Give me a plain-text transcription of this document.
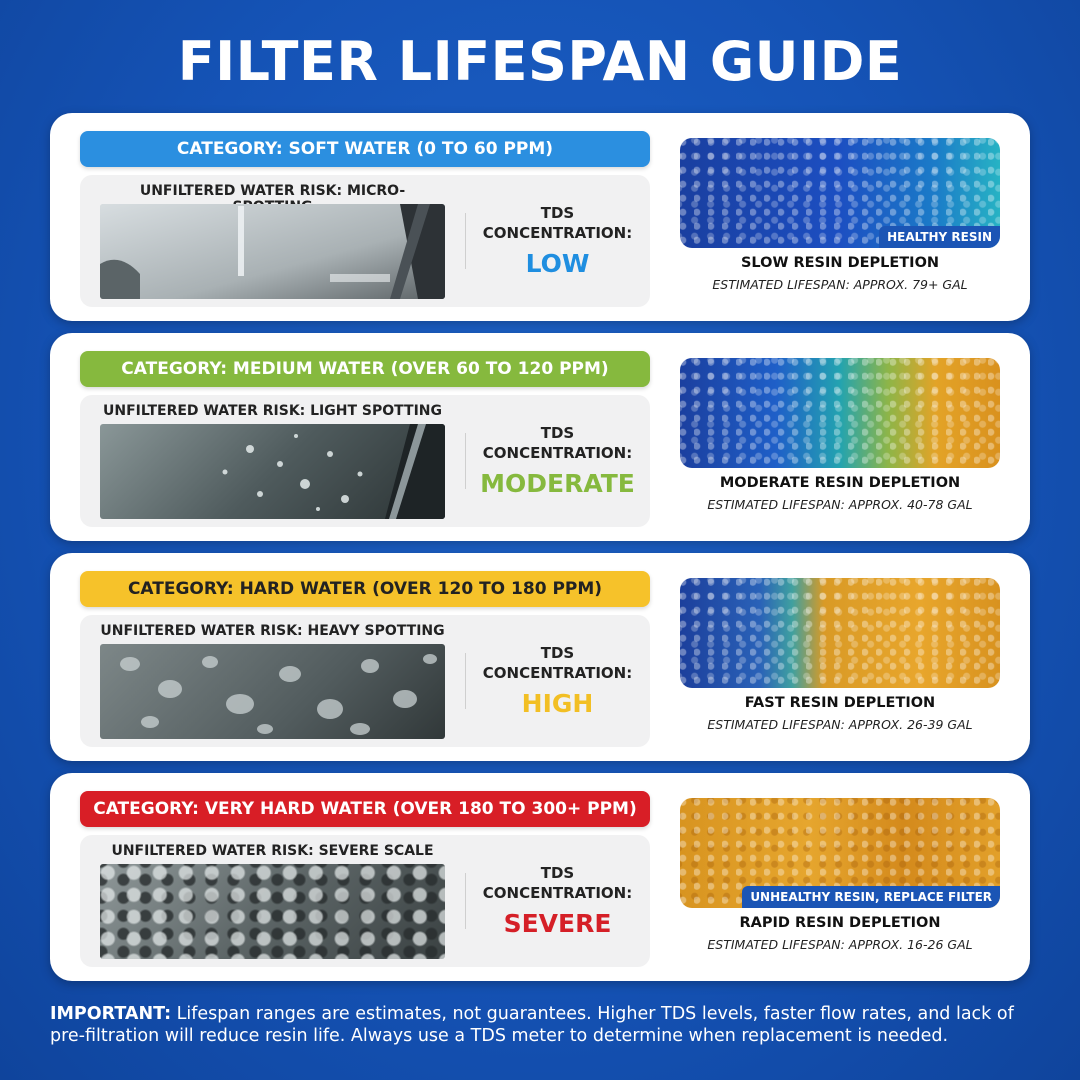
FILTER LIFESPAN GUIDE
CATEGORY: SOFT WATER (0 TO 60 PPM)
UNFILTERED WATER RISK: MICRO-
TDS CONCENTRATION:
LOW
HEALTHY RESIN
SLOW RESIN DEPLETION
ESTIMATED LIFESPAN: APPROX. 79+ GAL
CATEGORY: MEDIUM WATER (OVER 60 TO 120 PPM)
UNFILTERED WATER RISK: LIGHT SPOTTING
TDS CONCENTRATION:
MODERATE	MODERATE RESIN DEPLETION
ESTIMATED LIFESPAN: APPROX. 40-78 GAL
CATEGORY: HARD WATER (OVER 120 TO 180 PPM)
UNFILTERED WATER RISK: HEAVY SPOTTING
TDS CONCENTRATION:
HIGH	FAST RESIN DEPLETION
ESTIMATED LIFESPAN: APPROX. 26-39 GAL
CATEGORY: VERY HARD WATER (OVER 180 TO 300+ PPM)
UNFILTERED WATER RISK: SEVERE SCALE
TDS CONCENTRATION:
SEVERE
UNHEALTHY RESIN, REPLACE FILTER
RAPID RESIN DEPLETION
ESTIMATED LIFESPAN: APPROX. 16-26 GAL
IMPORTANT: Lifespan ranges are estimates, not guarantees. Higher TDS levels, faster flow rates, and lack of pre-filtration will reduce resin life. Always use a TDS meter to determine when replacement is needed.
